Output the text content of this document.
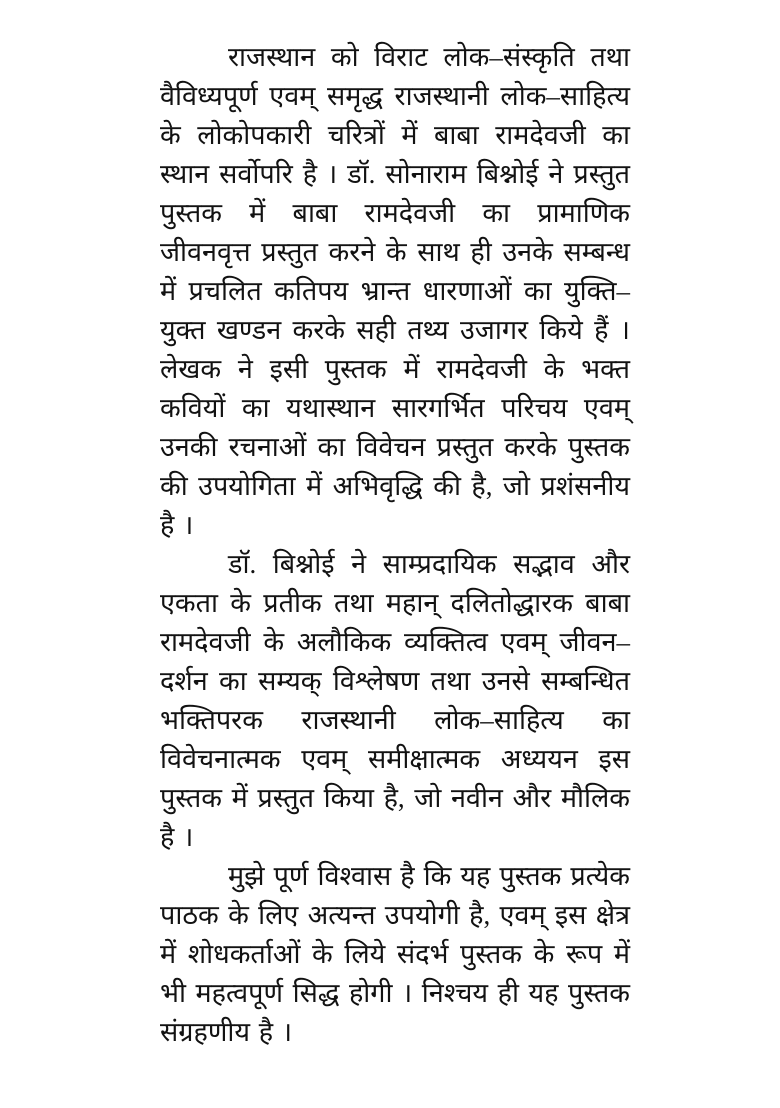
राजस्थान को विराट लोक–संस्कृति तथा वैविध्यपूर्ण एवम् समृद्ध राजस्थानी लोक–साहित्य के लोकोपकारी चरित्रों में बाबा रामदेवजी का स्थान सर्वोपरि है । डॉ. सोनाराम बिश्नोई ने प्रस्तुत पुस्तक में बाबा रामदेवजी का प्रामाणिक जीवनवृत्त प्रस्तुत करने के साथ ही उनके सम्बन्ध में प्रचलित कतिपय भ्रान्त धारणाओं का युक्ति–युक्त खण्डन करके सही तथ्य उजागर किये हैं । लेखक ने इसी पुस्तक में रामदेवजी के भक्त कवियों का यथास्थान सारगर्भित परिचय एवम् उनकी रचनाओं का विवेचन प्रस्तुत करके पुस्तक की उपयोगिता में अभिवृद्धि की है, जो प्रशंसनीय है ।

डॉ. बिश्नोई ने साम्प्रदायिक सद्भाव और एकता के प्रतीक तथा महान् दलितोद्धारक बाबा रामदेवजी के अलौकिक व्यक्तित्व एवम् जीवन–दर्शन का सम्यक् विश्लेषण तथा उनसे सम्बन्धित भक्तिपरक राजस्थानी लोक–साहित्य का विवेचनात्मक एवम् समीक्षात्मक अध्ययन इस पुस्तक में प्रस्तुत किया है, जो नवीन और मौलिक है ।

मुझे पूर्ण विश्वास है कि यह पुस्तक प्रत्येक पाठक के लिए अत्यन्त उपयोगी है, एवम् इस क्षेत्र में शोधकर्ताओं के लिये संदर्भ पुस्तक के रूप में भी महत्वपूर्ण सिद्ध होगी । निश्चय ही यह पुस्तक संग्रहणीय है ।
